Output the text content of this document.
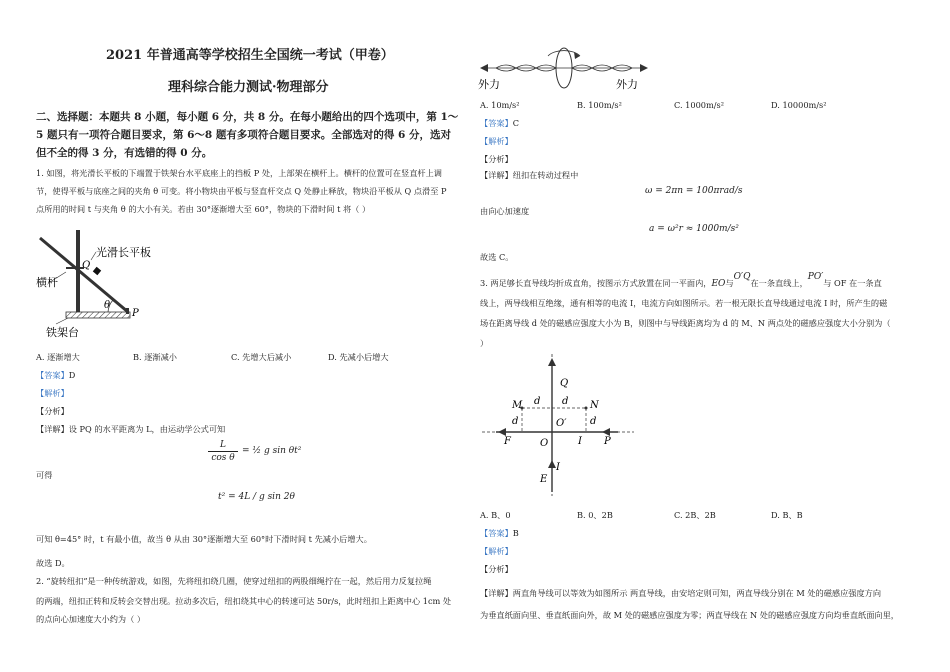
2021 年普通高等学校招生全国统一考试（甲卷）
理科综合能力测试·物理部分
二、选择题：本题共 8 小题，每小题 6 分，共 8 分。在每小题给出的四个选项中，第 1～5 题只有一项符合题目要求，第 6～8 题有多项符合题目要求。全部选对的得 6 分，选对但不全的得 3 分，有选错的得 0 分。
1. 如图，将光滑长平板的下端置于铁架台水平底座上的挡板 P 处，上部架在横杆上。横杆的位置可在竖直杆上调
节，使得平板与底座之间的夹角 θ 可变。将小物块由平板与竖直杆交点 Q 处静止释放，物块沿平板从 Q 点滑至 P
点所用的时间 t 与夹角 θ 的大小有关。若由 30°逐渐增大至 60°，物块的下滑时间 t 将（ ）
光滑长平板
Q
横杆
θ
P
铁架台
A. 逐渐增大	B. 逐渐减小	C. 先增大后减小	D. 先减小后增大
【答案】D
【解析】
【分析】
【详解】设 PQ 的水平距离为 L，由运动学公式可知
L
cos θ
= ½ g sin θt²
可得
t² = 4L / g sin 2θ
可知 θ=45° 时，t 有最小值，故当 θ 从由 30°逐渐增大至 60°时下滑时间 t 先减小后增大。
故选 D。
2. “旋转纽扣”是一种传统游戏，如图，先将纽扣绕几圈，使穿过纽扣的两股细绳拧在一起，然后用力反复拉绳
的两端，纽扣正转和反转会交替出现。拉动多次后，纽扣绕其中心的转速可达 50r/s，此时纽扣上距离中心 1cm 处
的点向心加速度大小约为（ ）
外力	外力
A. 10m/s²	B. 100m/s²	C. 1000m/s²	D. 10000m/s²
【答案】C
【解析】
【分析】
【详解】纽扣在转动过程中
ω = 2πn = 100πrad/s
由向心加速度
a = ω²r ≈ 1000m/s²
故选 C。
3. 两足够长直导线均折成直角，按图示方式放置在同一平面内，EO与O′Q在一条直线上，PO′与 OF 在一条直
线上，两导线相互绝缘，通有相等的电流 I，电流方向如图所示。若一根无限长直导线通过电流 I 时，所产生的磁
场在距离导线 d 处的磁感应强度大小为 B，则图中与导线距离均为 d 的 M、N 两点处的磁感应强度大小分别为（
）
Q
M	N
d d
d	d
O′
F	O	I P
I
E
A. B、0	B. 0、2B	C. 2B、2B	D. B、B
【答案】B
【解析】
【分析】
【详解】两直角导线可以等效为如图所示 两直导线，由安培定则可知，两直导线分别在 M 处的磁感应强度方向
为垂直纸面向里、垂直纸面向外，故 M 处的磁感应强度为零；两直导线在 N 处的磁感应强度方向均垂直纸面向里，
